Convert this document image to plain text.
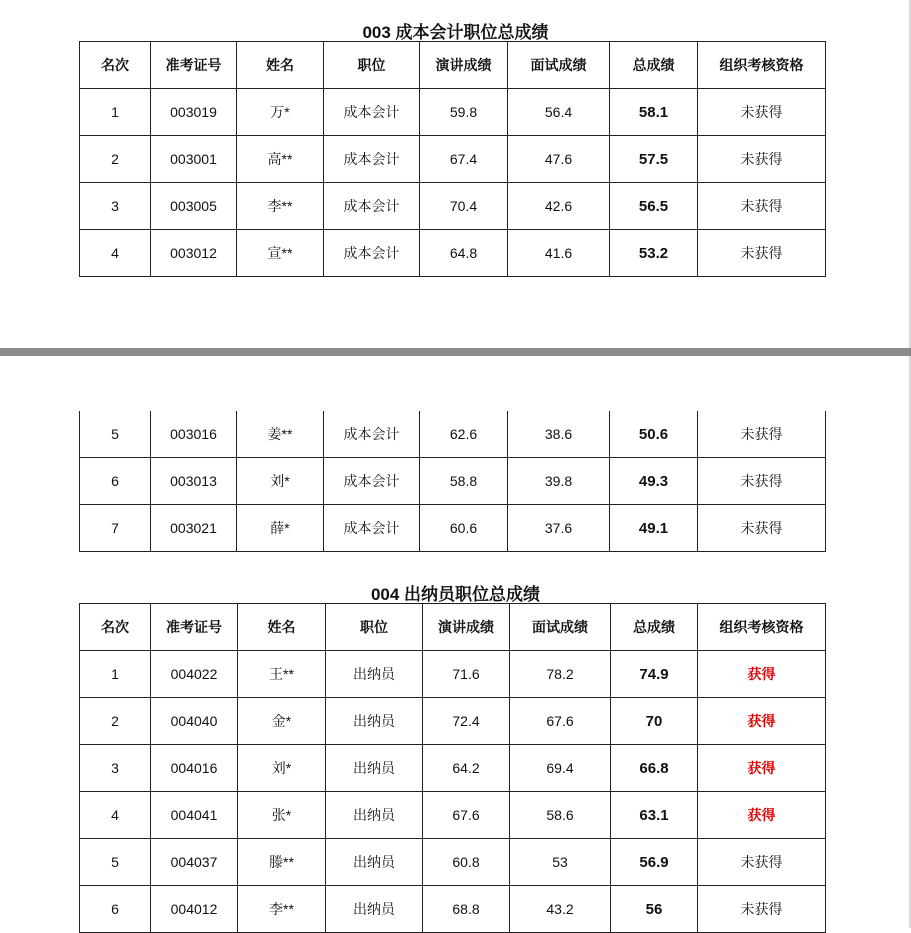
003 成本会计职位总成绩
名次	准考证号	姓名	职位	演讲成绩	面试成绩	总成绩	组织考核资格
1	003019	万*	成本会计	59.8	56.4	58.1	未获得
2	003001	高**	成本会计	67.4	47.6	57.5	未获得
3	003005	李**	成本会计	70.4	42.6	56.5	未获得
4	003012	宣**	成本会计	64.8	41.6	53.2	未获得
5	003016	姜**	成本会计	62.6	38.6	50.6	未获得
6	003013	刘*	成本会计	58.8	39.8	49.3	未获得
7	003021	薛*	成本会计	60.6	37.6	49.1	未获得
004 出纳员职位总成绩
名次	准考证号	姓名	职位	演讲成绩	面试成绩	总成绩	组织考核资格
1	004022	王**	出纳员	71.6	78.2	74.9	获得
2	004040	金*	出纳员	72.4	67.6	70	获得
3	004016	刘*	出纳员	64.2	69.4	66.8	获得
4	004041	张*	出纳员	67.6	58.6	63.1	获得
5	004037	滕**	出纳员	60.8	53	56.9	未获得
6	004012	李**	出纳员	68.8	43.2	56	未获得
